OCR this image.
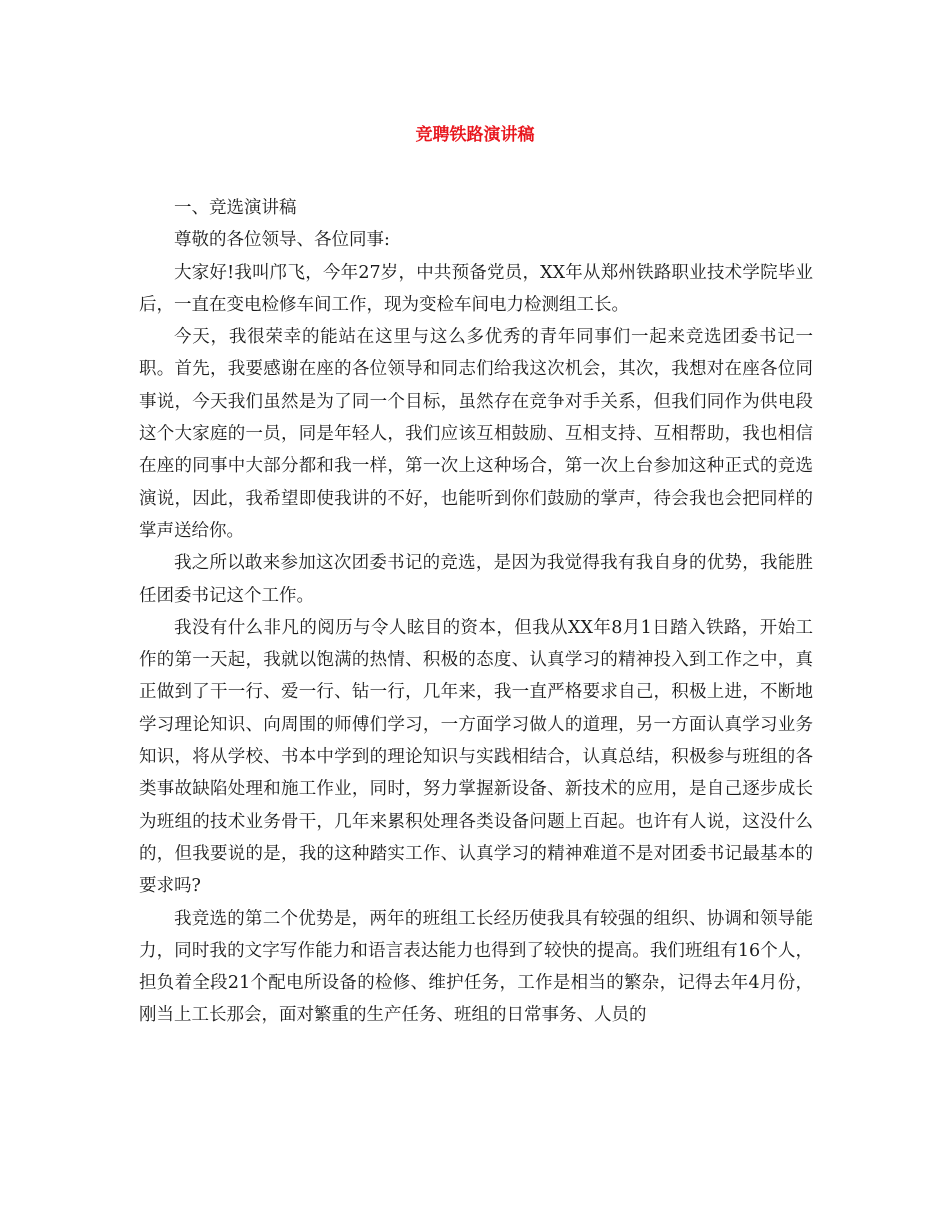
竞聘铁路演讲稿

一、竞选演讲稿

尊敬的各位领导、各位同事:

大家好!我叫邝飞，今年27岁，中共预备党员，XX年从郑州铁路职业技术学院毕业后，一直在变电检修车间工作，现为变检车间电力检测组工长。

今天，我很荣幸的能站在这里与这么多优秀的青年同事们一起来竞选团委书记一职。首先，我要感谢在座的各位领导和同志们给我这次机会，其次，我想对在座各位同事说，今天我们虽然是为了同一个目标，虽然存在竞争对手关系，但我们同作为供电段这个大家庭的一员，同是年轻人，我们应该互相鼓励、互相支持、互相帮助，我也相信在座的同事中大部分都和我一样，第一次上这种场合，第一次上台参加这种正式的竞选演说，因此，我希望即使我讲的不好，也能听到你们鼓励的掌声，待会我也会把同样的掌声送给你。

我之所以敢来参加这次团委书记的竞选，是因为我觉得我有我自身的优势，我能胜任团委书记这个工作。

我没有什么非凡的阅历与令人眩目的资本，但我从XX年8月1日踏入铁路，开始工作的第一天起，我就以饱满的热情、积极的态度、认真学习的精神投入到工作之中，真正做到了干一行、爱一行、钻一行，几年来，我一直严格要求自己，积极上进，不断地学习理论知识、向周围的师傅们学习，一方面学习做人的道理，另一方面认真学习业务知识，将从学校、书本中学到的理论知识与实践相结合，认真总结，积极参与班组的各类事故缺陷处理和施工作业，同时，努力掌握新设备、新技术的应用，是自己逐步成长为班组的技术业务骨干，几年来累积处理各类设备问题上百起。也许有人说，这没什么的，但我要说的是，我的这种踏实工作、认真学习的精神难道不是对团委书记最基本的要求吗?

我竞选的第二个优势是，两年的班组工长经历使我具有较强的组织、协调和领导能力，同时我的文字写作能力和语言表达能力也得到了较快的提高。我们班组有16个人，担负着全段21个配电所设备的检修、维护任务，工作是相当的繁杂，记得去年4月份，刚当上工长那会，面对繁重的生产任务、班组的日常事务、人员的
